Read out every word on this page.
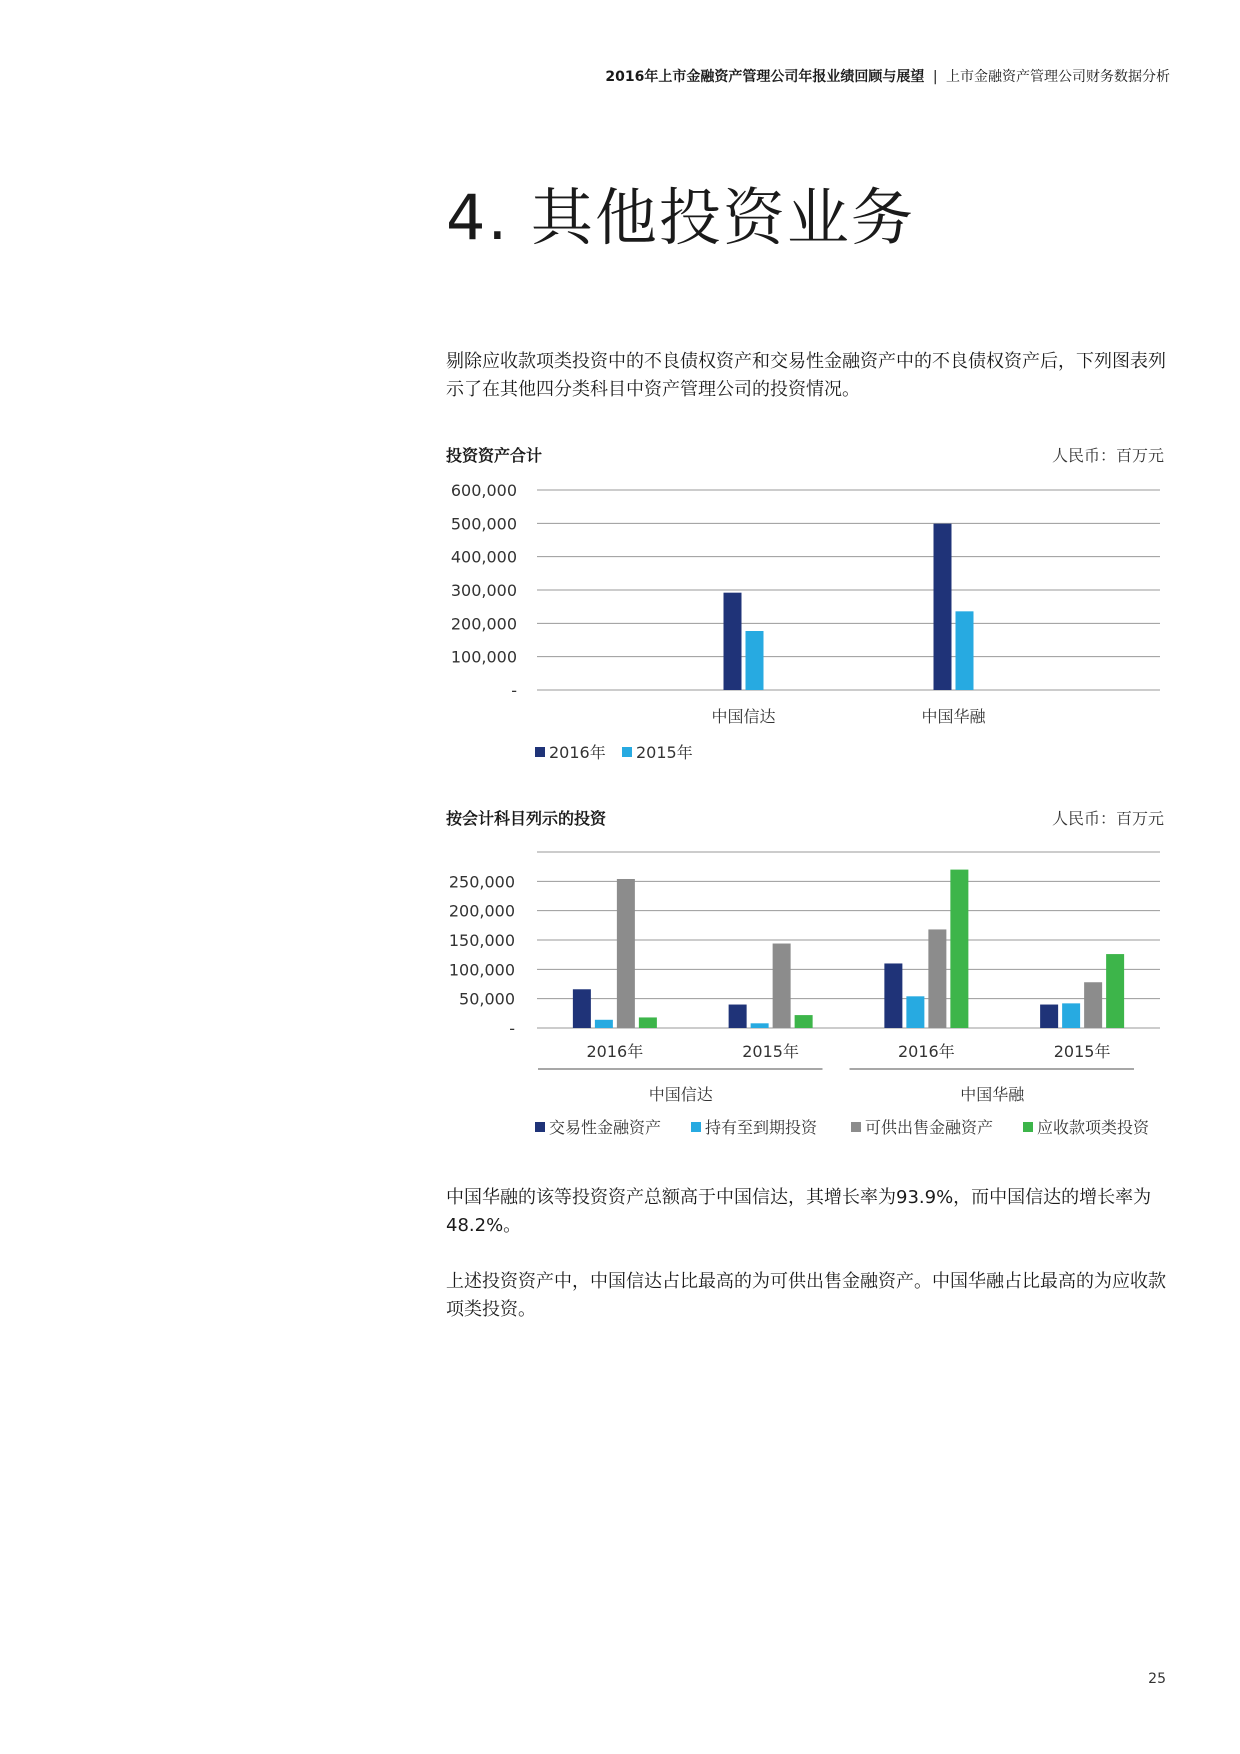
2016年上市金融资产管理公司年报业绩回顾与展望 | 上市金融资产管理公司财务数据分析
4. 其他投资业务

剔除应收款项类投资中的不良债权资产和交易性金融资产中的不良债权资产后，下列图表列示了在其他四分类科目中资产管理公司的投资情况。

投资资产合计	人民币：百万元
按会计科目列示的投资	人民币：百万元
-
100,000
200,000
300,000
400,000
500,000
600,000
中国信达	中国华融
2016年 2015年
-
50,000
100,000
150,000
200,000
250,000
2016年	2015年
中国信达
2016年	2015年
中国华融
交易性金融资产	持有至到期投资	可供出售金融资产	应收款项类投资

中国华融的该等投资资产总额高于中国信达，其增长率为93.9%，而中国信达的增长率为48.2%。

上述投资资产中，中国信达占比最高的为可供出售金融资产。中国华融占比最高的为应收款项类投资。

25
